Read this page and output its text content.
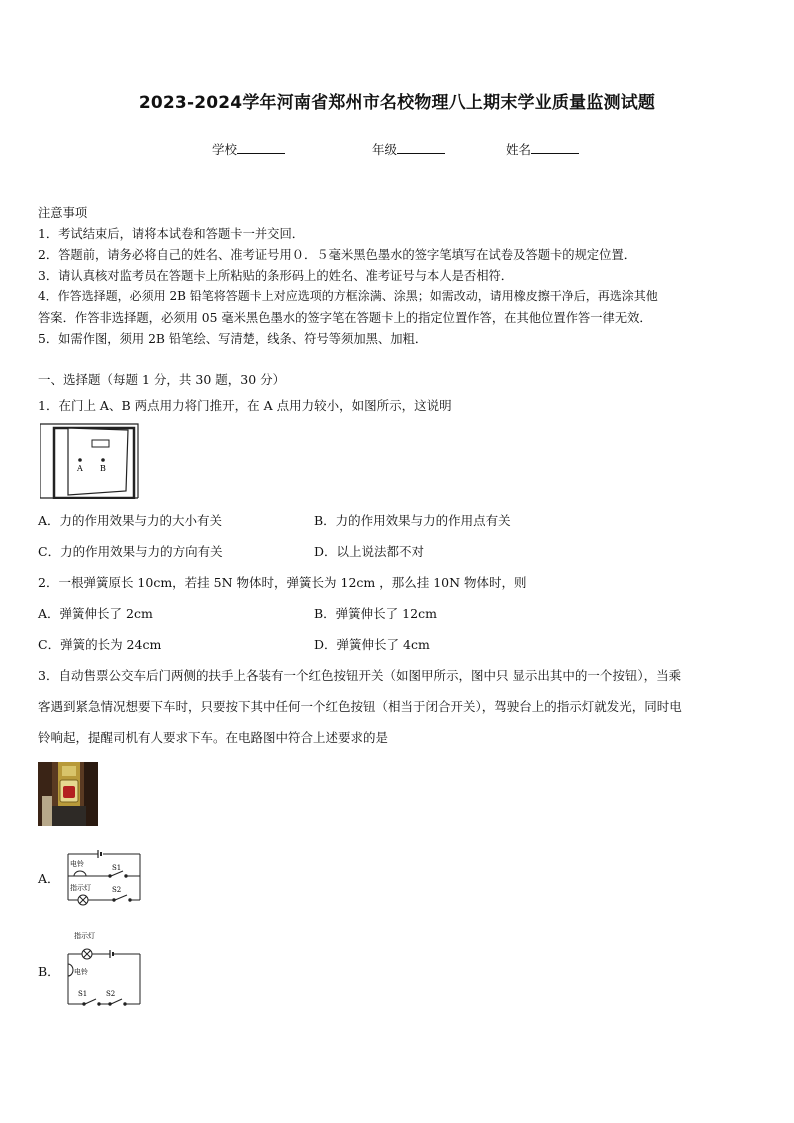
2023-2024学年河南省郑州市名校物理八上期末学业质量监测试题
学校	年级	姓名
注意事项
1．考试结束后，请将本试卷和答题卡一并交回．
2．答题前，请务必将自己的姓名、准考证号用０．５毫米黑色墨水的签字笔填写在试卷及答题卡的规定位置．
3．请认真核对监考员在答题卡上所粘贴的条形码上的姓名、准考证号与本人是否相符．
4．作答选择题，必须用 2B 铅笔将答题卡上对应选项的方框涂满、涂黑；如需改动，请用橡皮擦干净后，再选涂其他
答案．作答非选择题，必须用 05 毫米黑色墨水的签字笔在答题卡上的指定位置作答，在其他位置作答一律无效．
5．如需作图，须用 2B 铅笔绘、写清楚，线条、符号等须加黑、加粗．
一、选择题（每题 1 分，共 30 题，30 分）
1．在门上 A、B 两点用力将门推开，在 A 点用力较小，如图所示，这说明
A B
A．力的作用效果与力的大小有关	B．力的作用效果与力的作用点有关
C．力的作用效果与力的方向有关	D．以上说法都不对
2．一根弹簧原长 10cm，若挂 5N 物体时，弹簧长为 12cm ，那么挂 10N 物体时，则
A．弹簧伸长了 2cm	B．弹簧伸长了 12cm
C．弹簧的长为 24cm	D．弹簧伸长了 4cm
3．自动售票公交车后门两侧的扶手上各装有一个红色按钮开关（如图甲所示，图中只 显示出其中的一个按钮），当乘
客遇到紧急情况想要下车时，只要按下其中任何一个红色按钮（相当于闭合开关），驾驶台上的指示灯就发光，同时电
铃响起，提醒司机有人要求下车。在电路图中符合上述要求的是
A．
电铃
指示灯
S1
S2
B．
指示灯
电铃
S1	S2
